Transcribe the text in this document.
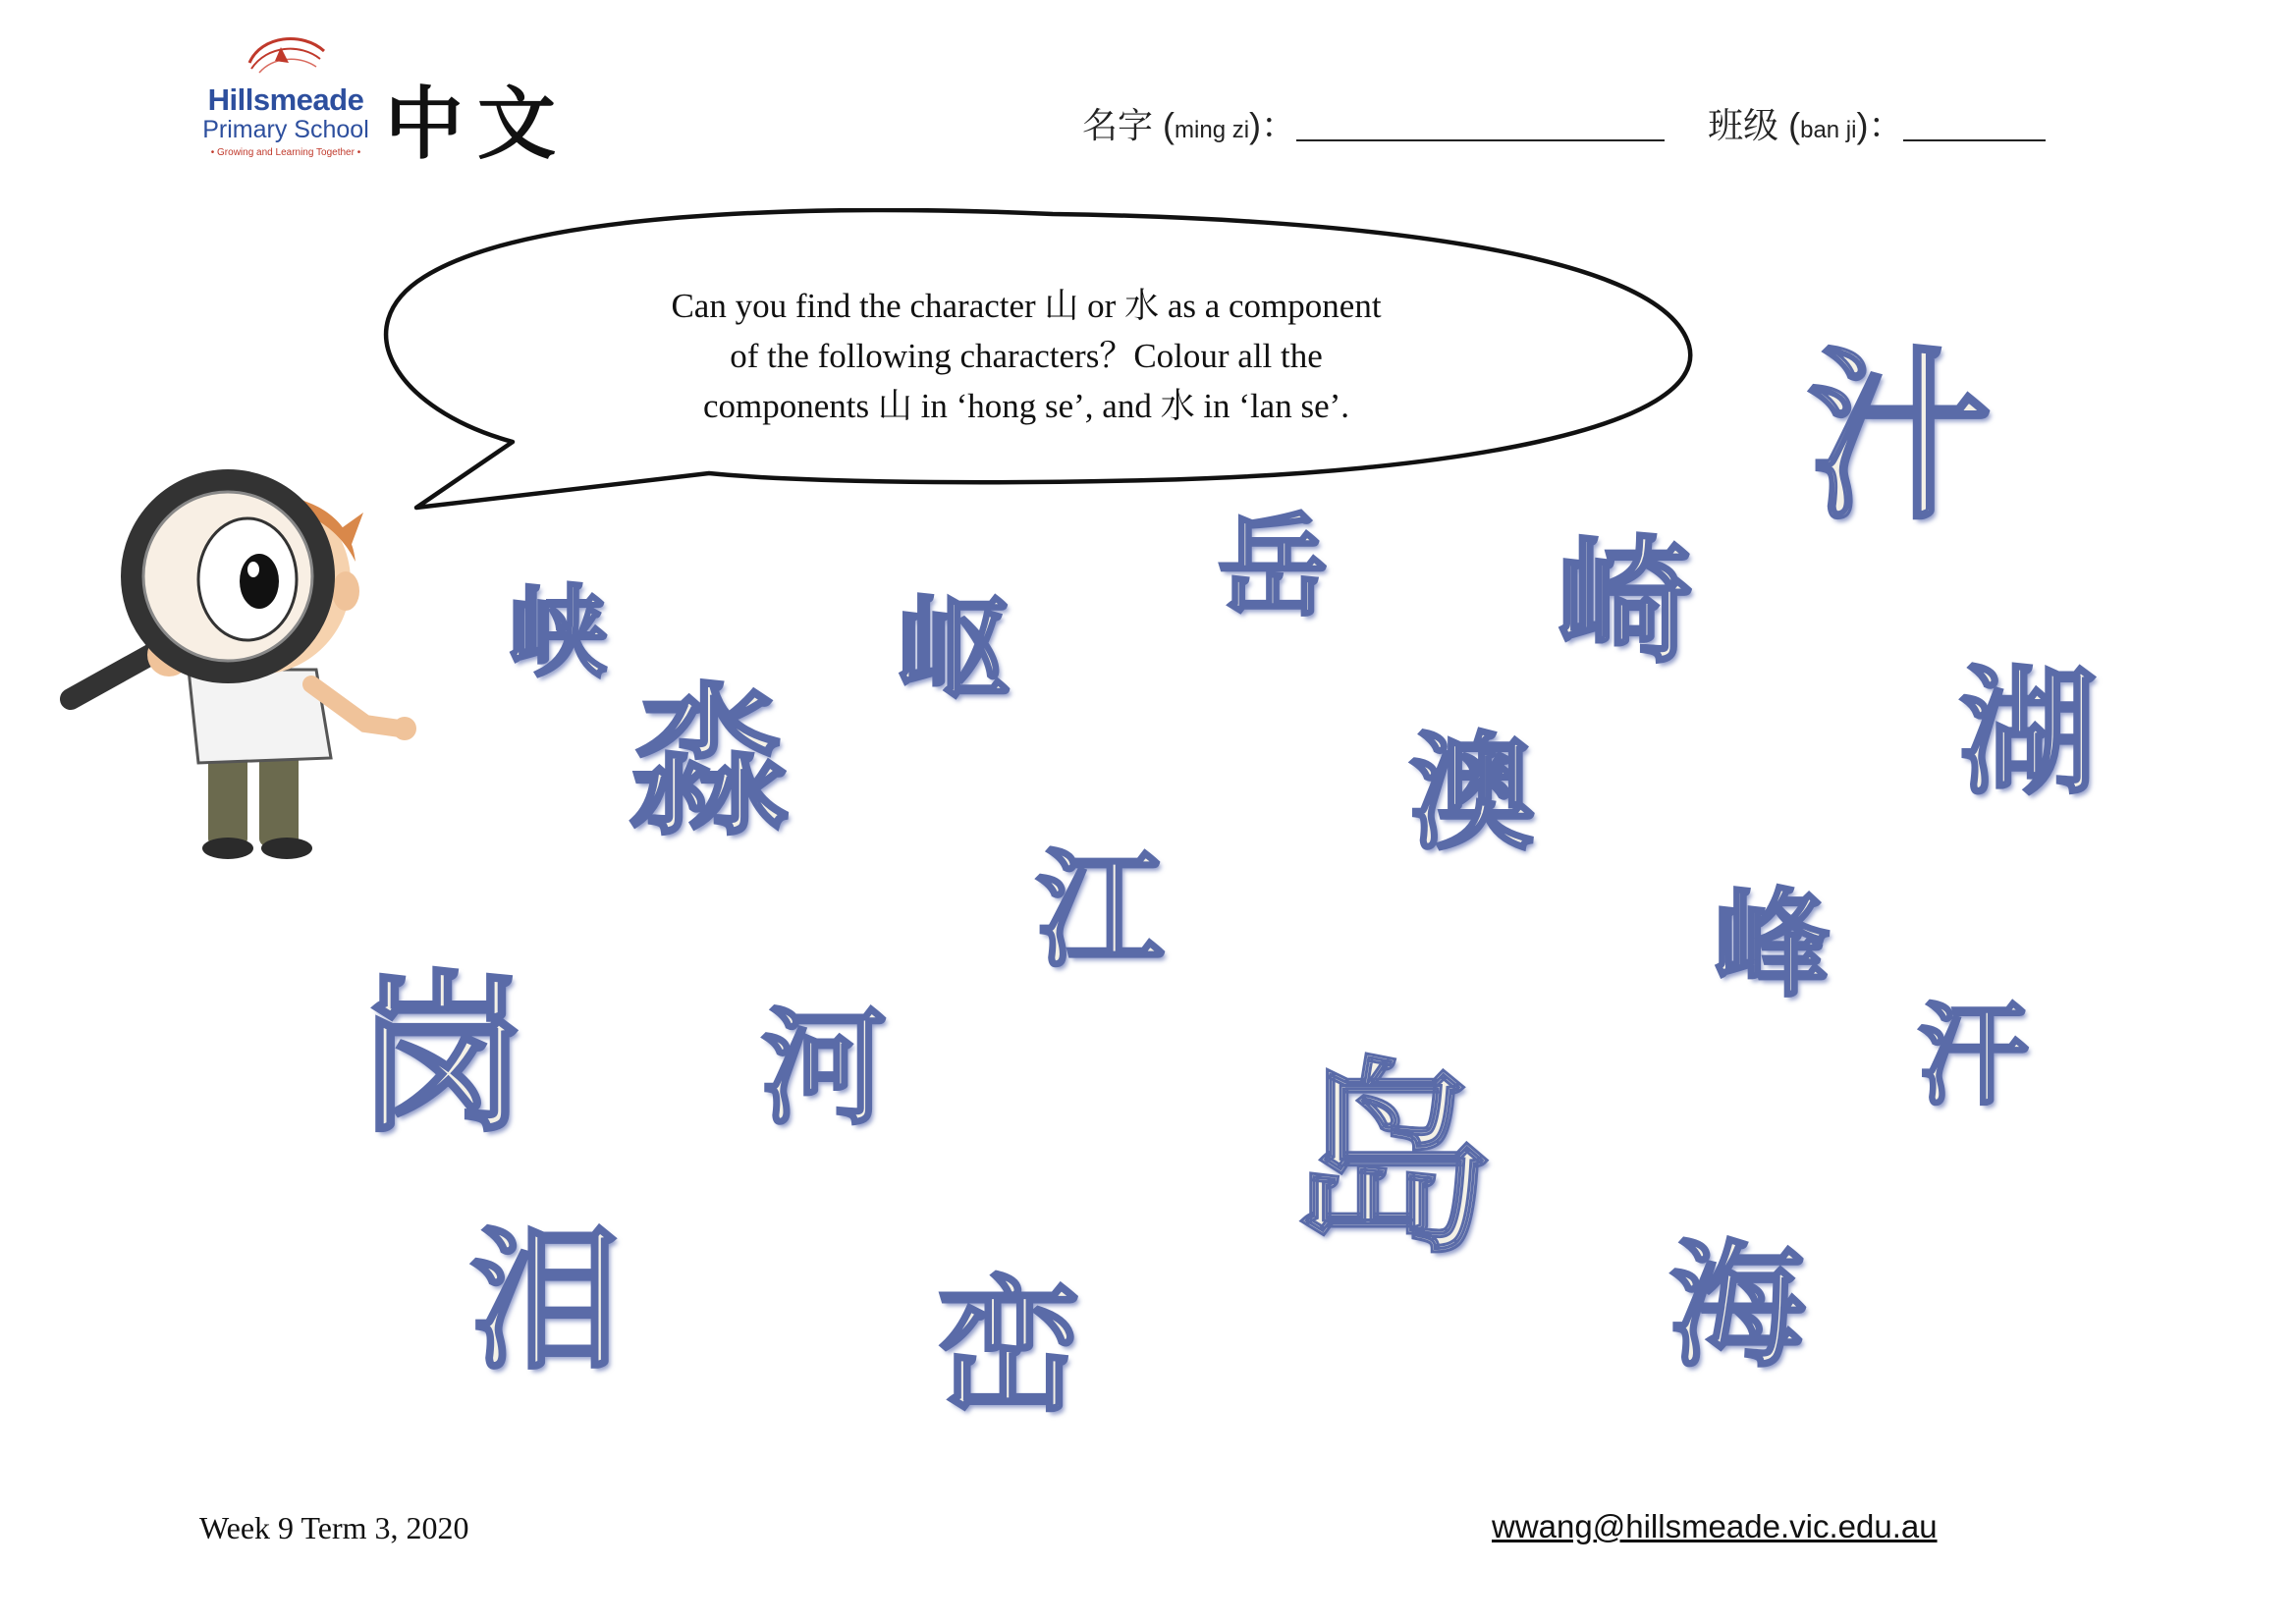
Hillsmeade
Primary School
• Growing and Learning Together • 中文	名字 (ming zi)：	班级 (ban ji)：

Can you find the character 山 or 水 as a component

of the following characters？Colour all the

components 山 in ‘hong se’, and 水 in ‘lan se’.	汁
岳 崎
峡	岖
淼	湖
澳
江	峰
岗 河	汗
岛
泪 峦	海
Week 9 Term 3, 2020	wwang@hillsmeade.vic.edu.au
